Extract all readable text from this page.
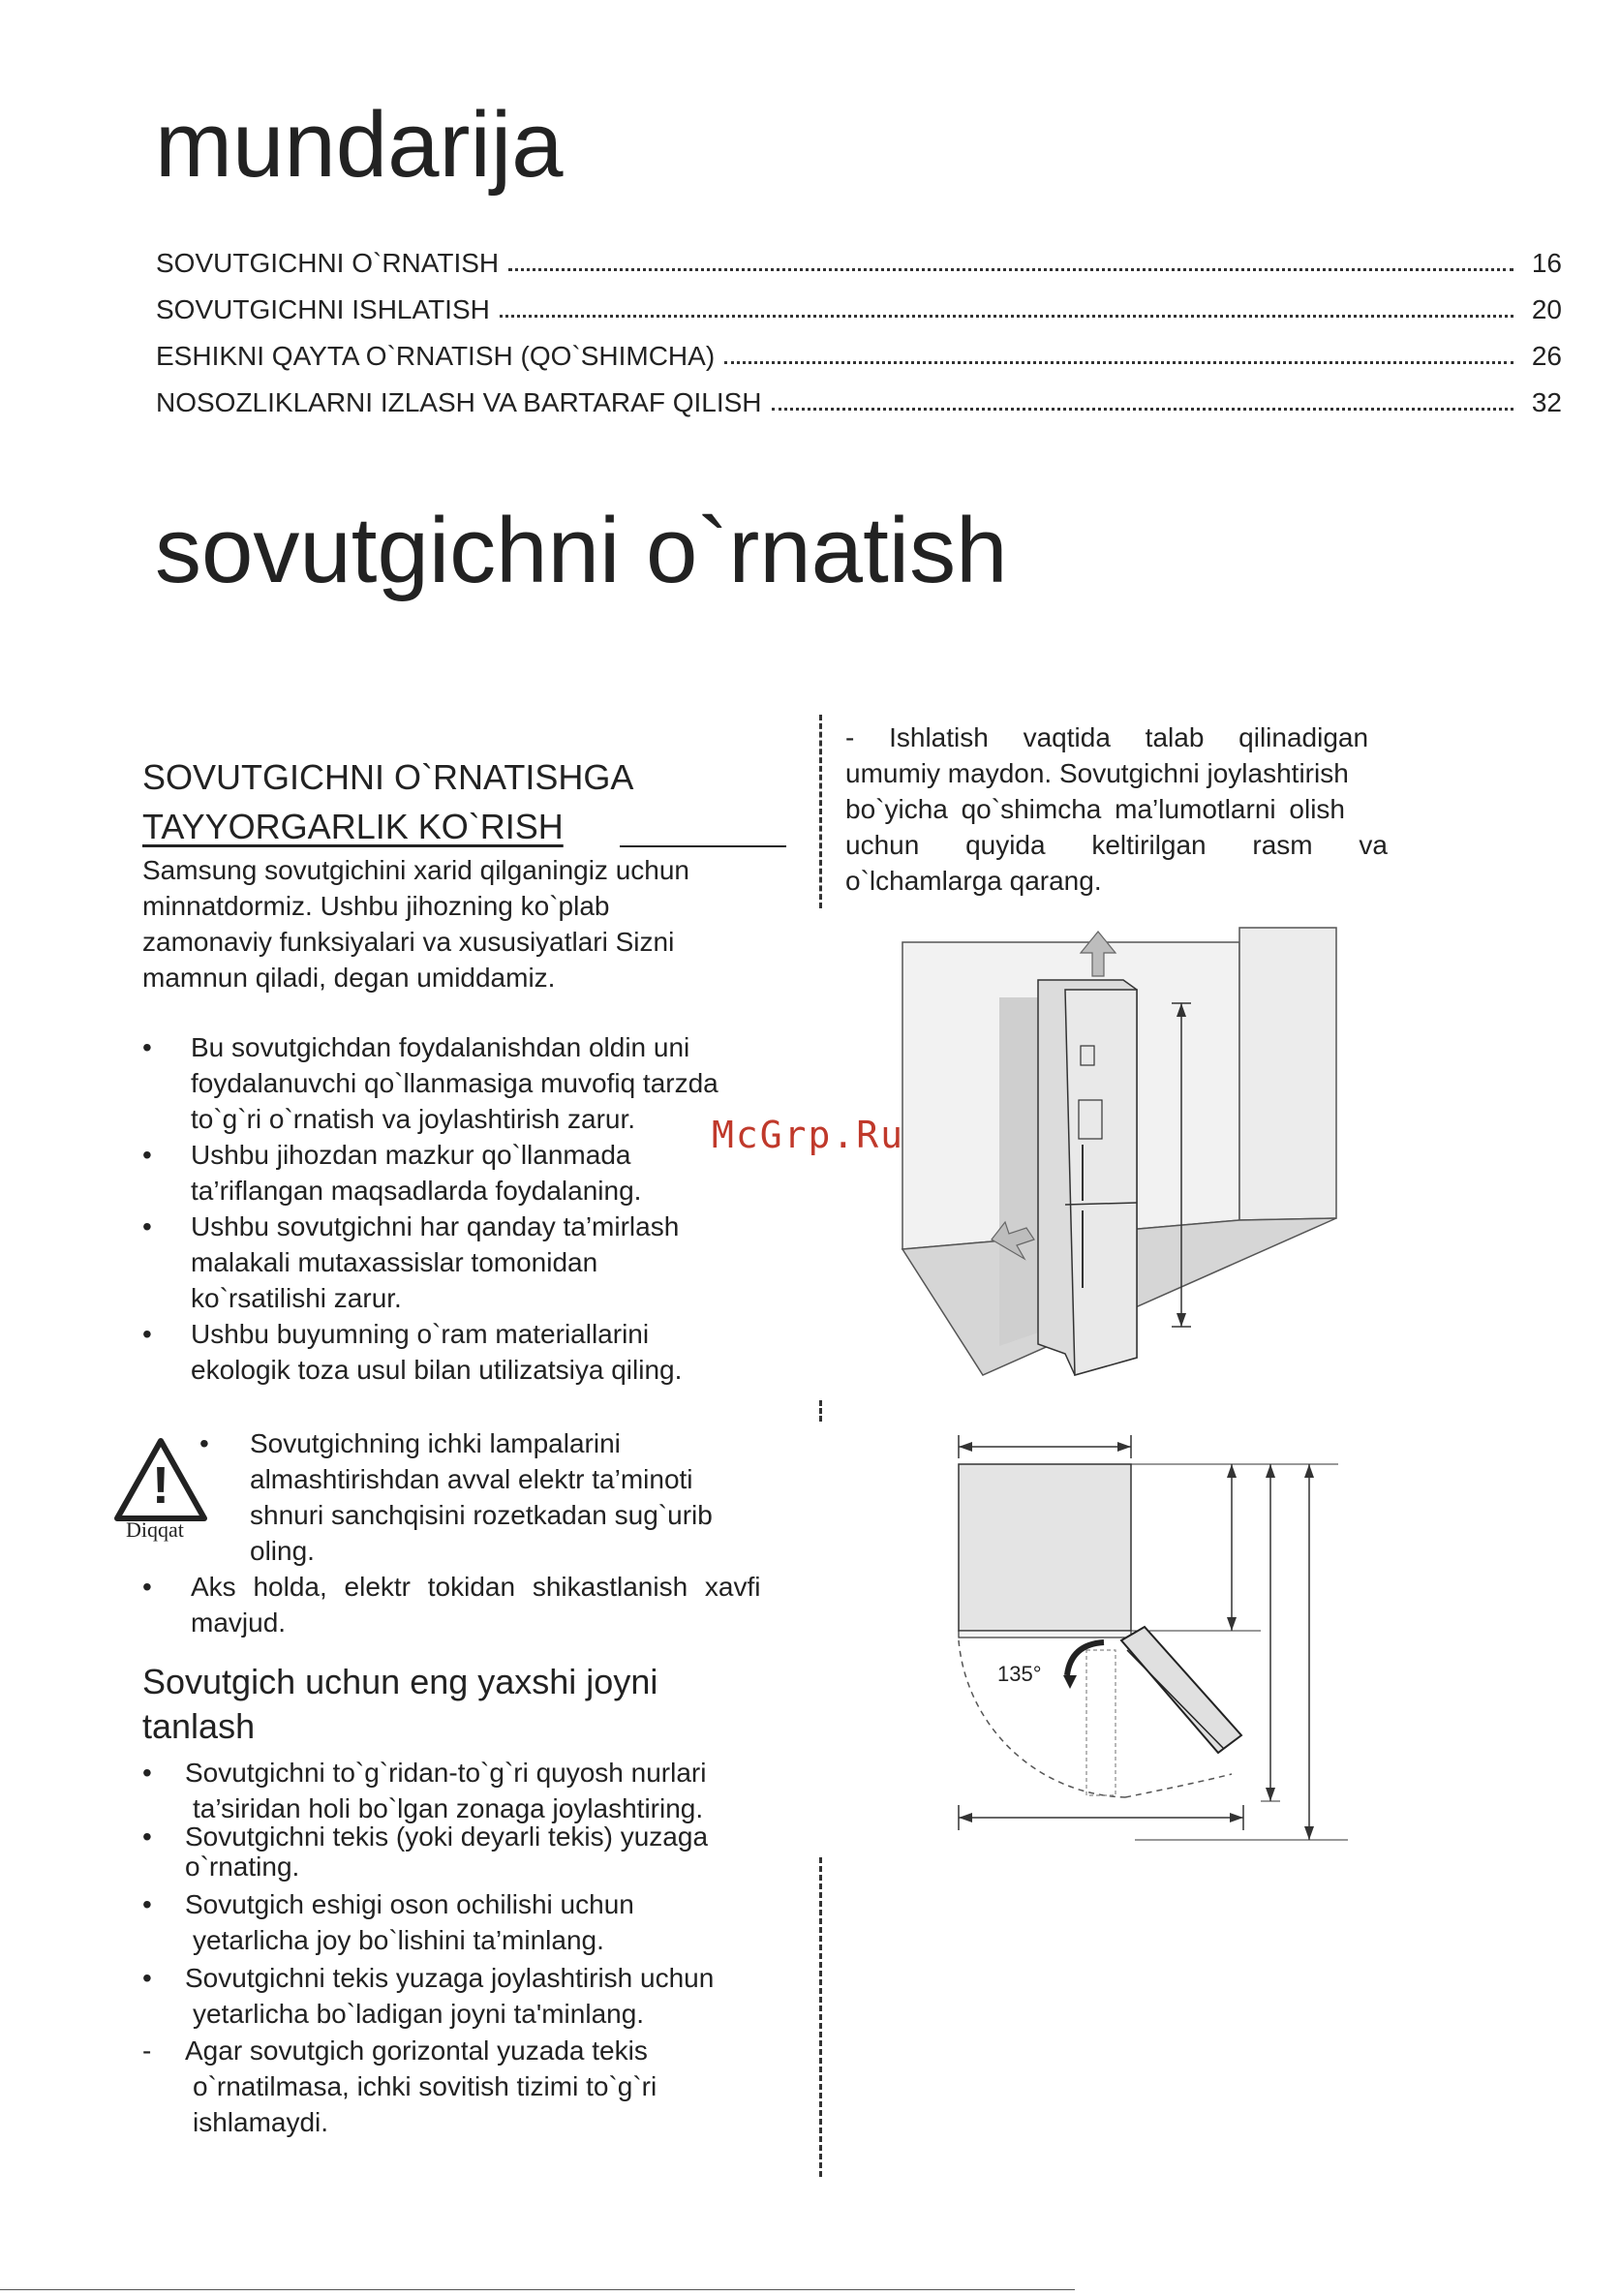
mundarija
SOVUTGICHNI O`RNATISH	16
SOVUTGICHNI ISHLATISH	20
ESHIKNI QAYTA O`RNATISH (QO`SHIMCHA)	26
NOSOZLIKLARNI IZLASH VA BARTARAF QILISH	32
sovutgichni o`rnatish
SOVUTGICHNI O`RNATISHGA
TAYYORGARLIK KO`RISH
Samsung sovutgichini xarid qilganingiz uchun
minnatdormiz. Ushbu jihozning ko`plab
zamonaviy funksiyalari va xususiyatlari Sizni
mamnun qiladi, degan umiddamiz.
• Bu sovutgichdan foydalanishdan oldin uni
foydalanuvchi qo`llanmasiga muvofiq tarzda
to`g`ri o`rnatish va joylashtirish zarur.
• Ushbu jihozdan mazkur qo`llanmada
ta’riflangan maqsadlarda foydalaning.
• Ushbu sovutgichni har qanday ta’mirlash
malakali mutaxassislar tomonidan
ko`rsatilishi zarur.
• Ushbu buyumning o`ram materiallarini
ekologik toza usul bilan utilizatsiya qiling.
!
Diqqat
• Sovutgichning ichki lampalarini
almashtirishdan avval elektr ta’minoti
shnuri sanchqisini rozetkadan sug`urib
oling.
• Aks holda, elektr tokidan shikastlanish xavfi
mavjud.
Sovutgich uchun eng yaxshi joyni
tanlash
• Sovutgichni to`g`ridan-to`g`ri quyosh nurlari
ta’siridan holi bo`lgan zonaga joylashtiring.
• Sovutgichni tekis (yoki deyarli tekis) yuzaga
o`rnating.
• Sovutgich eshigi oson ochilishi uchun
yetarlicha joy bo`lishini ta’minlang.
• Sovutgichni tekis yuzaga joylashtirish uchun
yetarlicha bo`ladigan joyni ta'minlang.
- Agar sovutgich gorizontal yuzada tekis
o`rnatilmasa, ichki sovitish tizimi to`g`ri
ishlamaydi.
- Ishlatish vaqtida talab qilinadigan
umumiy maydon. Sovutgichni joylashtirish
bo`yicha qo`shimcha ma’lumotlarni olish
uchun quyida keltirilgan rasm va
o`lchamlarga qarang.
135°
McGrp.Ru
